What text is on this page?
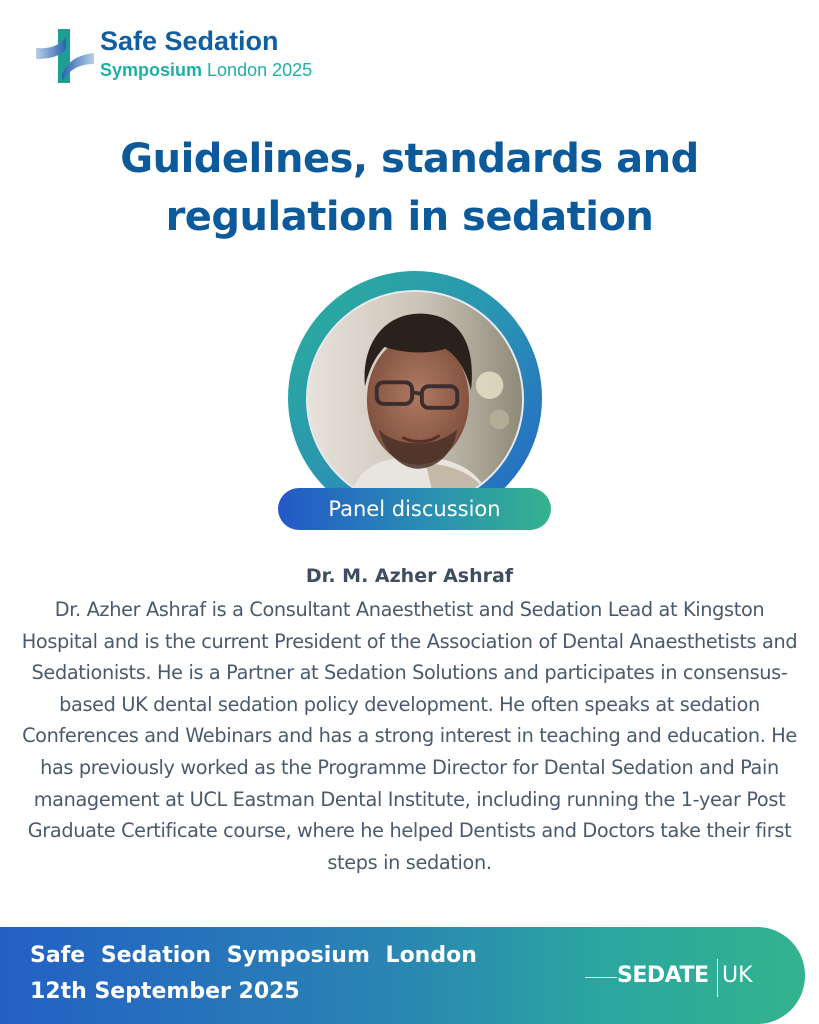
Safe Sedation
Symposium London 2025
Guidelines, standards and
regulation in sedation
Panel discussion
Dr. M. Azher Ashraf

Dr. Azher Ashraf is a Consultant Anaesthetist and Sedation Lead at Kingston Hospital and is the current President of the Association of Dental Anaesthetists and Sedationists. He is a Partner at Sedation Solutions and participates in consensus-based UK dental sedation policy development. He often speaks at sedation Conferences and Webinars and has a strong interest in teaching and education. He has previously worked as the Programme Director for Dental Sedation and Pain management at UCL Eastman Dental Institute, including running the 1-year Post Graduate Certificate course, where he helped Dentists and Doctors take their first steps in sedation.

Safe Sedation Symposium London
12th September 2025
SEDATE UK
